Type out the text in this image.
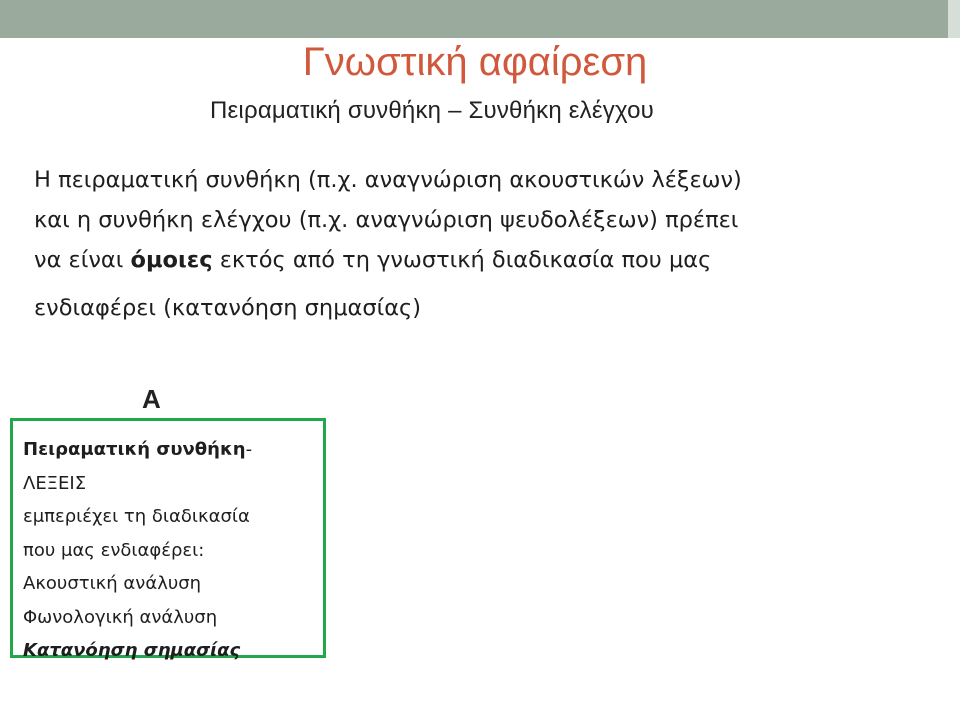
Γνωστική αφαίρεση
Πειραματική συνθήκη – Συνθήκη ελέγχου
Η πειραματική συνθήκη (π.χ. αναγνώριση ακουστικών λέξεων)
και η συνθήκη ελέγχου (π.χ. αναγνώριση ψευδολέξεων) πρέπει
να είναι όμοιες εκτός από τη γνωστική διαδικασία που μας
ενδιαφέρει (κατανόηση σημασίας)
Α
Πειραματική συνθήκη-
ΛΕΞΕΙΣ
εμπεριέχει τη διαδικασία
που μας ενδιαφέρει:
Ακουστική ανάλυση
Φωνολογική ανάλυση
Κατανόηση σημασίας
